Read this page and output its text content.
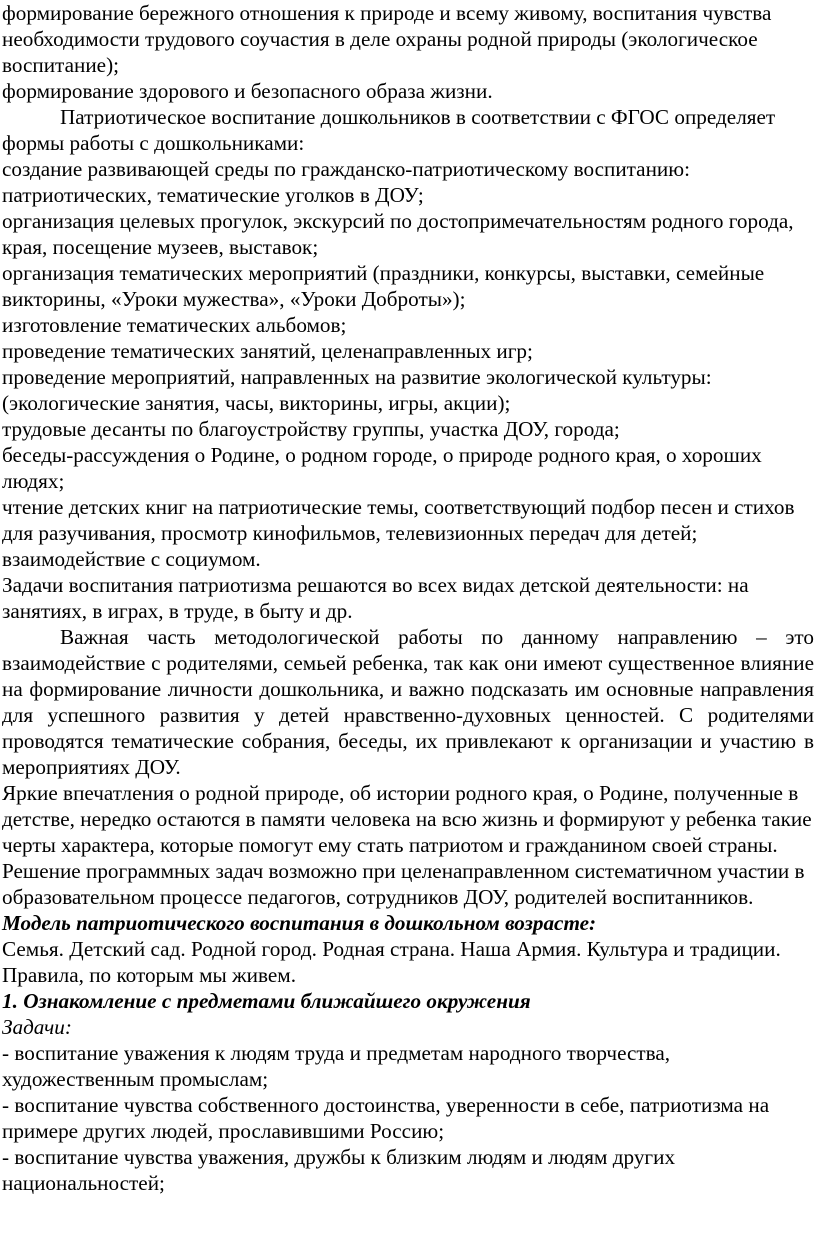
формирование бережного отношения к природе и всему живому, воспитания чувства необходимости трудового соучастия в деле охраны родной природы (экологическое воспитание);

формирование здорового и безопасного образа жизни.

Патриотическое воспитание дошкольников в соответствии с ФГОС определяет формы работы с дошкольниками:

создание развивающей среды по гражданско-патриотическому воспитанию: патриотических, тематические уголков в ДОУ;

организация целевых прогулок, экскурсий по достопримечательностям родного города, края, посещение музеев, выставок;

организация тематических мероприятий (праздники, конкурсы, выставки, семейные викторины, «Уроки мужества», «Уроки Доброты»);

изготовление тематических альбомов;

проведение тематических занятий, целенаправленных игр;

проведение мероприятий, направленных на развитие экологической культуры: (экологические занятия, часы, викторины, игры, акции);

трудовые десанты по благоустройству группы, участка ДОУ, города;

беседы-рассуждения о Родине, о родном городе, о природе родного края, о хороших людях;

чтение детских книг на патриотические темы, соответствующий подбор песен и стихов для разучивания, просмотр кинофильмов, телевизионных передач для детей;

взаимодействие с социумом.

Задачи воспитания патриотизма решаются во всех видах детской деятельности: на занятиях, в играх, в труде, в быту и др.

Важная часть методологической работы по данному направлению – это взаимодействие с родителями, семьей ребенка, так как они имеют существенное влияние на формирование личности дошкольника, и важно подсказать им основные направления для успешного развития у детей нравственно-духовных ценностей. С родителями проводятся тематические собрания, беседы, их привлекают к организации и участию в мероприятиях ДОУ.

Яркие впечатления о родной природе, об истории родного края, о Родине, полученные в детстве, нередко остаются в памяти человека на всю жизнь и формируют у ребенка такие черты характера, которые помогут ему стать патриотом и гражданином своей страны.

Решение программных задач возможно при целенаправленном систематичном участии в образовательном процессе педагогов, сотрудников ДОУ, родителей воспитанников.

Модель патриотического воспитания в дошкольном возрасте:

Семья. Детский сад. Родной город. Родная страна. Наша Армия. Культура и традиции. Правила, по которым мы живем.

1. Ознакомление с предметами ближайшего окружения

Задачи:

- воспитание уважения к людям труда и предметам народного творчества, художественным промыслам;

- воспитание чувства собственного достоинства, уверенности в себе, патриотизма на примере других людей, прославившими Россию;

- воспитание чувства уважения, дружбы к близким людям и людям других национальностей;
